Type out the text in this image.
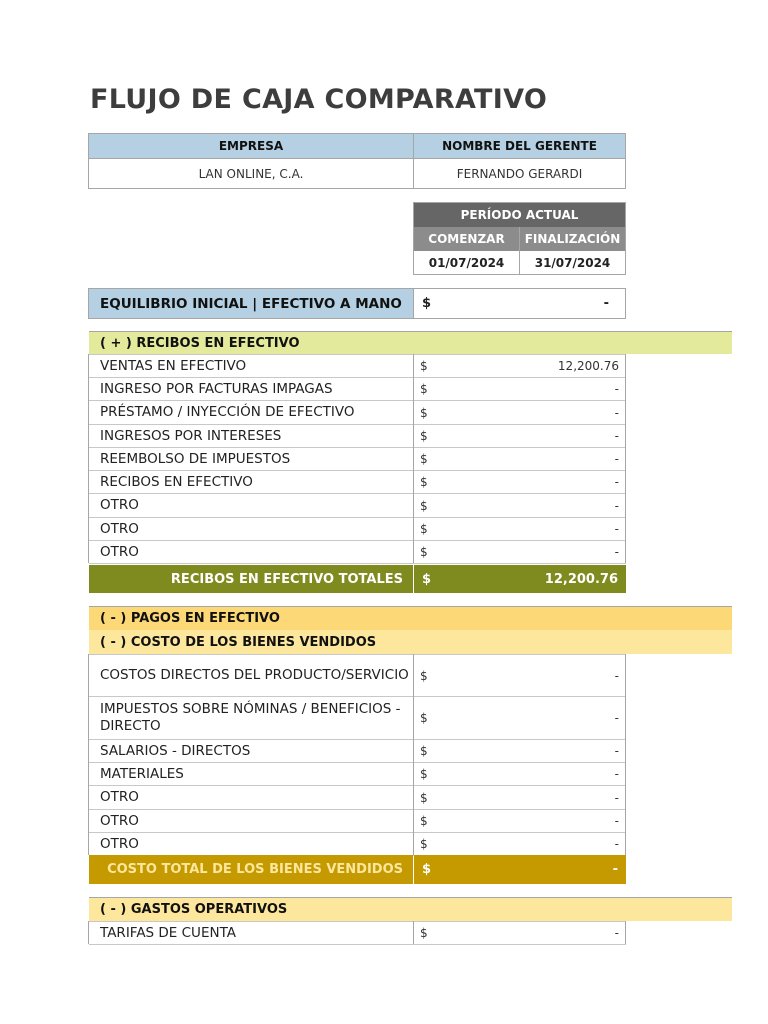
FLUJO DE CAJA COMPARATIVO
EMPRESA	NOMBRE DEL GERENTE
LAN ONLINE, C.A.	FERNANDO GERARDI
PERÍODO ACTUAL
COMENZAR	FINALIZACIÓN
01/07/2024	31/07/2024
EQUILIBRIO INICIAL | EFECTIVO A MANO	$	-
( + ) RECIBOS EN EFECTIVO
VENTAS EN EFECTIVO	$	12,200.76
INGRESO POR FACTURAS IMPAGAS	$	-
PRÉSTAMO / INYECCIÓN DE EFECTIVO	$	-
INGRESOS POR INTERESES	$	-
REEMBOLSO DE IMPUESTOS	$	-
RECIBOS EN EFECTIVO	$	-
OTRO	$	-
OTRO	$	-
OTRO	$	-
RECIBOS EN EFECTIVO TOTALES	$	12,200.76
( - ) PAGOS EN EFECTIVO
( - ) COSTO DE LOS BIENES VENDIDOS
COSTOS DIRECTOS DEL PRODUCTO/SERVICIO $	-
IMPUESTOS SOBRE NÓMINAS / BENEFICIOS - DIRECTO	$	-
SALARIOS - DIRECTOS	$	-
MATERIALES	$	-
OTRO	$	-
OTRO	$	-
OTRO	$	-
COSTO TOTAL DE LOS BIENES VENDIDOS	$	-
( - ) GASTOS OPERATIVOS
TARIFAS DE CUENTA	$	-
